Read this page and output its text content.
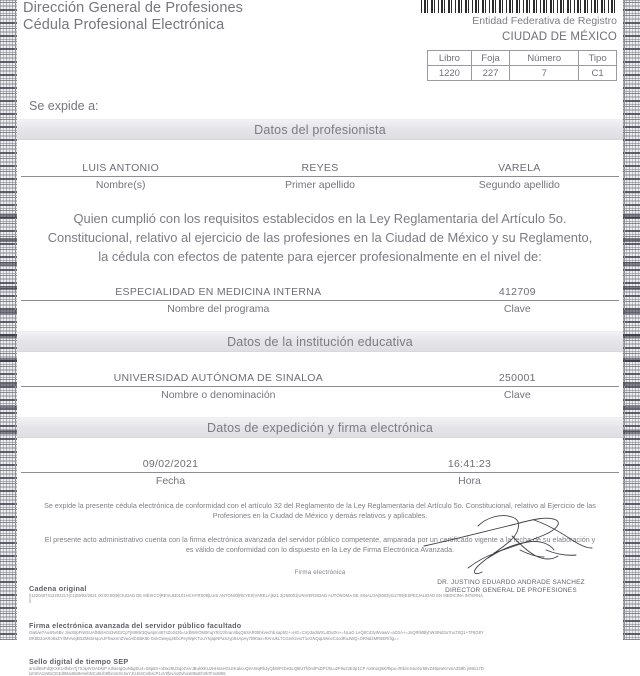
Dirección General de Profesiones
Cédula Profesional Electrónica	Entidad Federativa de Registro
CIUDAD DE MÉXICO
Libro	Foja	Número	Tipo
1220	227	7	C1
Se expide a:
Datos del profesionista
LUIS ANTONIO
Nombre(s)
REYES
Primer apellido
VARELA
Segundo apellido
Quien cumplió con los requisitos establecidos en la Ley Reglamentaria del Artículo 5o.
Constitucional, relativo al ejercicio de las profesiones en la Ciudad de México y su Reglamento,
la cédula con efectos de patente para ejercer profesionalmente en el nivel de:
ESPECIALIDAD EN MEDICINA INTERNA
Nombre del programa
412709
Clave
Datos de la institución educativa
UNIVERSIDAD AUTÓNOMA DE SINALOA
Nombre o denominación
250001
Clave
Datos de expedición y firma electrónica
09/02/2021
Fecha
16:41:23
Hora
Se expide la presente cédula electrónica de conformidad con el artículo 32 del Reglamento de la Ley Reglamentaria del Artículo 5o. Constitucional, relativo al Ejercicio de las Profesiones en la Ciudad de México y demás relativos y aplicables.
El presente acto administrativo cuenta con la firma electrónica avanzada del servidor público competente, amparada por un certificado vigente a la fecha de su elaboración y es válido de conformidad con lo dispuesto en la Ley de Firma Electrónica Avanzada.
Firma electrónica
Cadena original
||1220407412202217|C1|09/02/2021 00:00:00|9|CIUDAD DE MÉXICO|REVL830101HCHYRS08|LUIS ANTONIO|REYES|VARELA|621 2|250001|UNIVERSIDAD AUTÓNOMA DE SINALOA|5003|412709|ESPECIALIDAD EN MEDICINA INTERNA||
Firma electrónica avanzada del servidor público facultado
Ow5/w7AusRv6Bv JrwS5pFiWSUAfNb6A043v6GrCpTjM9/9r3Qw4pm487sZo043b=UdbWnOM0mqYhSzzhran4bqQ6SAR05hkvechlLsap5G+=HG=CVp3adWXL4DuDn+=NLaG LeQ8Cd3vWvawV=aO2A+=JnQRlM8lyhW4tNd3u7nu7SQ1+7F8G8YDK8D2oARo8sZYrlMVvejEDZMs5HqoAJFhwaVnZVuoAlbSBK9b GnkOweyqzEbcPeyWpKTUuYNjapNPaSzypSsApAy7090ax=RAnUkL7CGerkzeioT1cGNQqLWmeC4odRuJWQ=ORNd2MR5ERrllg==
Sello digital de tiempo SEP
ansdlBvPdQKXKU4fvbnTj7XJipIVOADkIP AthaetgOuNbgEU4=08p6S+rd8xz8USqoGsVJBuhXKUJHHnaHGLEKakcuQnAr8qRhJyQbWPzDe3LQ6lUTh0rxlPxDPlJhLu2F9u22E3p1CP Ax9nxQ5KRkpu=Rtbzn44uXsr58vZ49prwKmmA3S8b jnIBx17Dlo0IGA1xWxCE3d0Ma4Bv8enebNCu5Ub8ftxnmzKJwYJUJd4CvIbscP1xV8fxvAoDvhoxM5uEh3k7FsxW65
DR. JUSTINO EDUARDO ANDRADE SANCHEZ
DIRECTOR GENERAL DE PROFESIONES
